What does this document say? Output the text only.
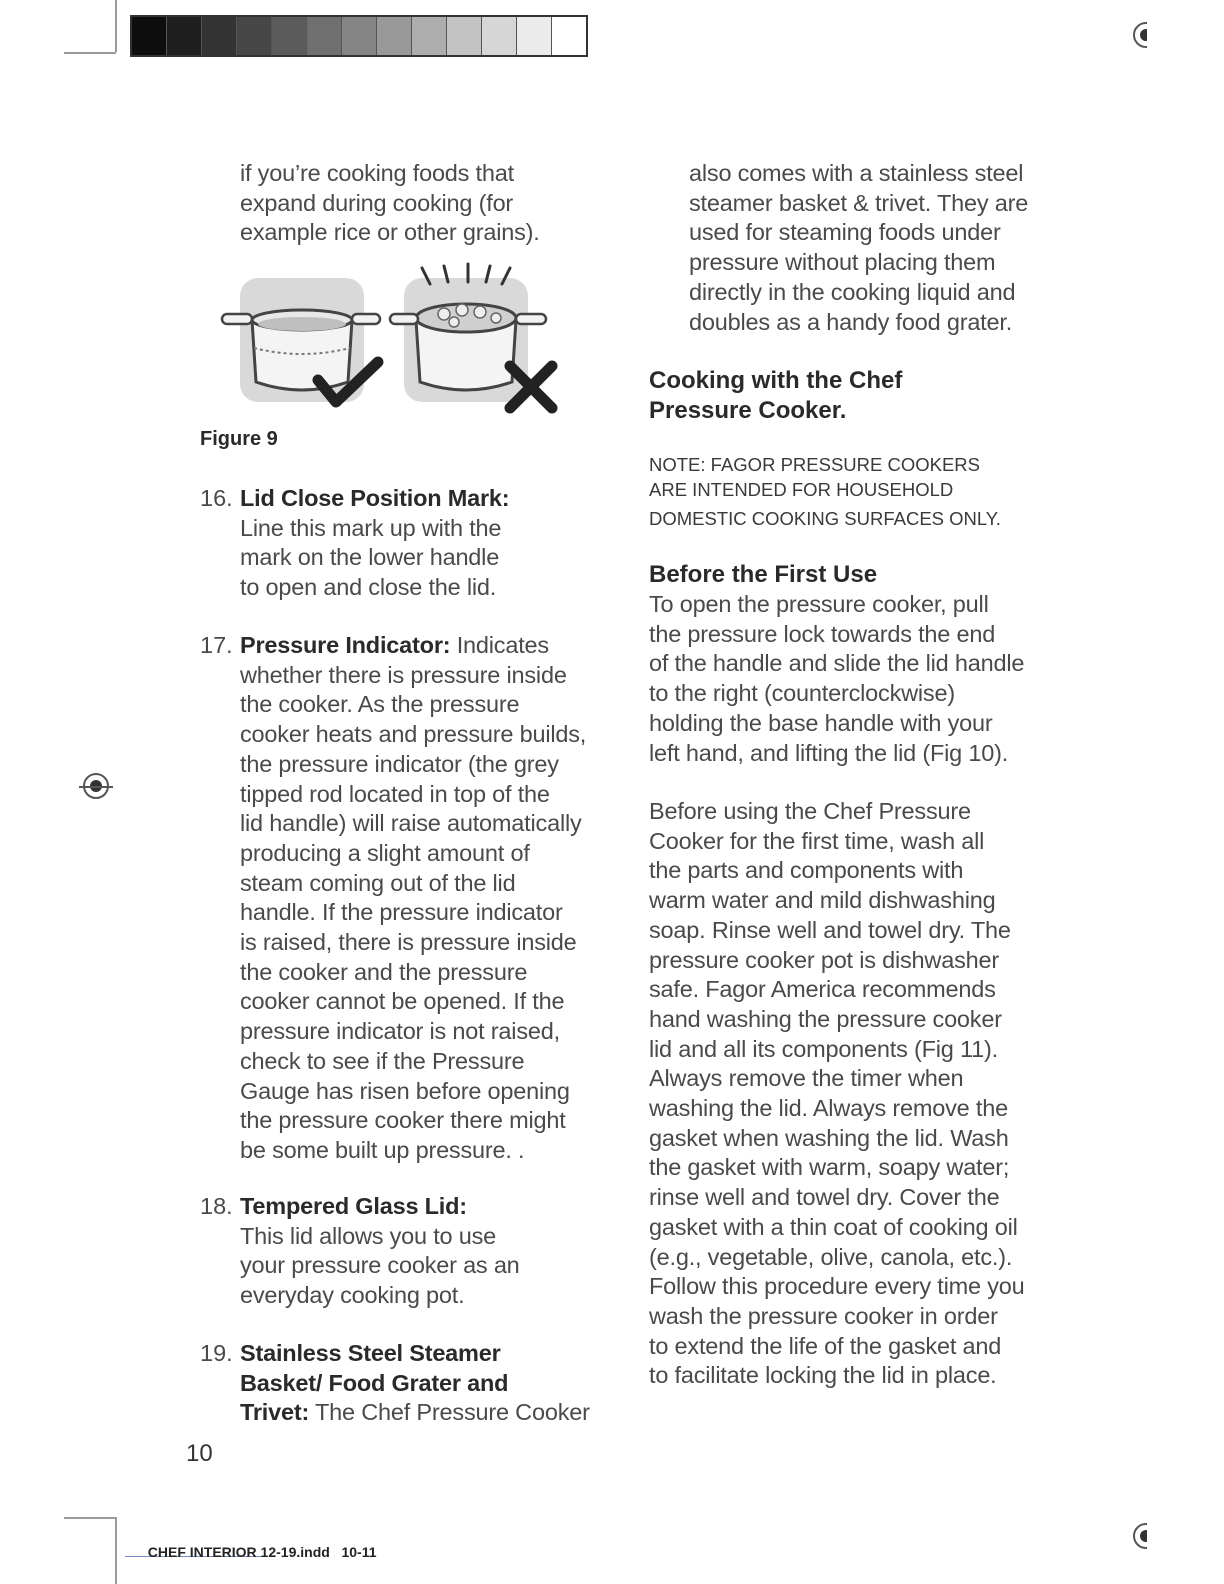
if you’re cooking foods that

expand during cooking (for

example rice or other grains).

Figure 9
16. Lid Close Position Mark:

Line this mark up with the

mark on the lower handle

to open and close the lid.

17. Pressure Indicator: Indicates

whether there is pressure inside

the cooker. As the pressure

cooker heats and pressure builds,

the pressure indicator (the grey

tipped rod located in top of the

lid handle) will raise automatically

producing a slight amount of

steam coming out of the lid

handle. If the pressure indicator

is raised, there is pressure inside

the cooker and the pressure

cooker cannot be opened. If the

pressure indicator is not raised,

check to see if the Pressure

Gauge has risen before opening

the pressure cooker there might

be some built up pressure. .

18. Tempered Glass Lid:

This lid allows you to use

your pressure cooker as an

everyday cooking pot.

19. Stainless Steel Steamer

Basket/ Food Grater and

Trivet: The Chef Pressure Cooker

10

also comes with a stainless steel

steamer basket & trivet. They are

used for steaming foods under

pressure without placing them

directly in the cooking liquid and

doubles as a handy food grater.

Cooking with the Chef
Pressure Cooker.
NOTE: FAGOR PRESSURE COOKERS
ARE INTENDED FOR HOUSEHOLD
DOMESTIC COOKING SURFACES ONLY.
Before the First Use

To open the pressure cooker, pull

the pressure lock towards the end

of the handle and slide the lid handle

to the right (counterclockwise)

holding the base handle with your

left hand, and lifting the lid (Fig 10).

Before using the Chef Pressure

Cooker for the first time, wash all

the parts and components with

warm water and mild dishwashing

soap. Rinse well and towel dry. The

pressure cooker pot is dishwasher

safe. Fagor America recommends

hand washing the pressure cooker

lid and all its components (Fig 11).

Always remove the timer when

washing the lid. Always remove the

gasket when washing the lid. Wash

the gasket with warm, soapy water;

rinse well and towel dry. Cover the

gasket with a thin coat of cooking oil

(e.g., vegetable, olive, canola, etc.).

Follow this procedure every time you

wash the pressure cooker in order

to extend the life of the gasket and

to facilitate locking the lid in place.

CHEF INTERIOR 12-19.indd 10-11
